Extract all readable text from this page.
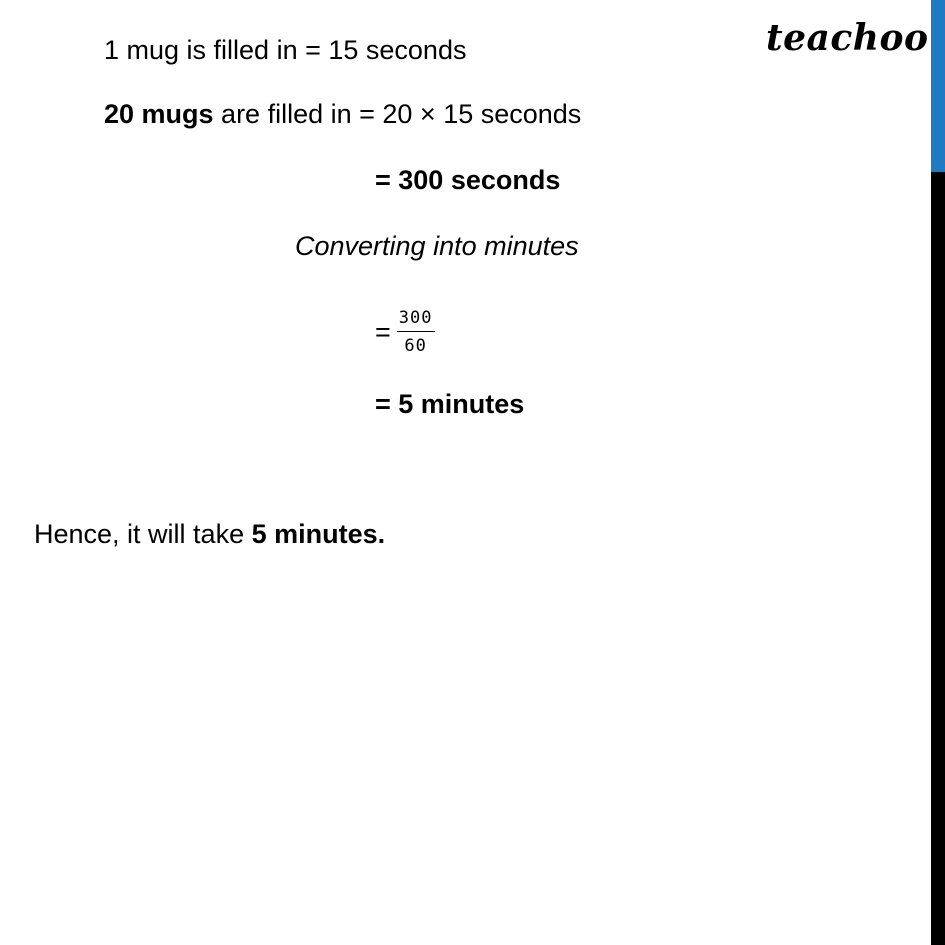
teachoo
1 mug is filled in = 15 seconds
20 mugs are filled in = 20 × 15 seconds
= 300 seconds
Converting into minutes
= $\frac{300}{60}$
= 5 minutes
Hence, it will take 5 minutes.
